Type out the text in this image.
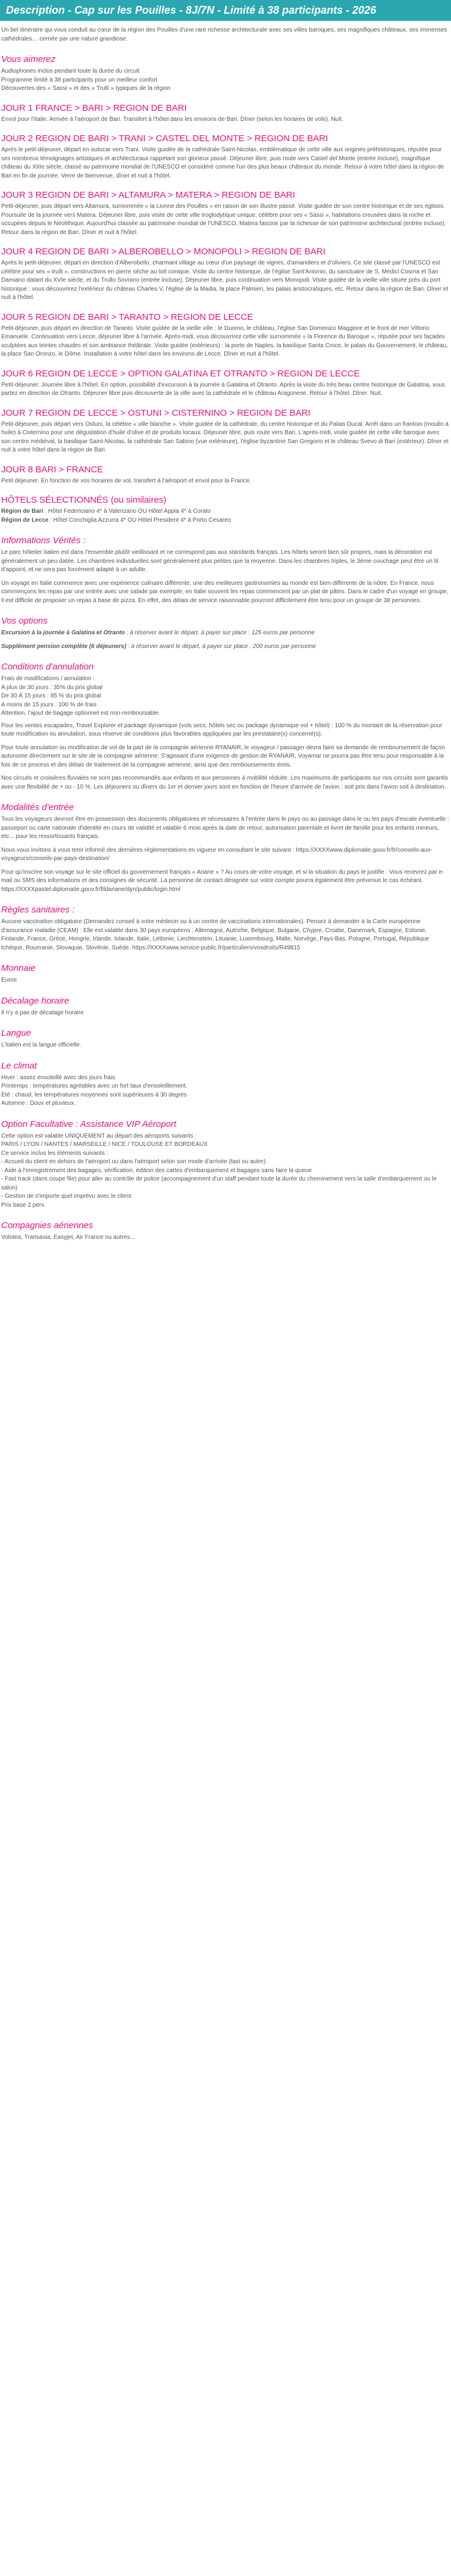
Description - Cap sur les Pouilles - 8J/7N - Limité à 38 participants - 2026

Un bel itinéraire qui vous conduit au cœur de la région des Pouilles d'une rare richesse architecturale avec ses villes baroques, ses magnifiques châteaux, ses immenses cathédrales… cernée par une nature grandiose.

Vous aimerez
Audiophones inclus pendant toute la durée du circuit
Programme limité à 38 participants pour un meilleur confort
Découvertes des « Sassi » et des « Trulli » typiques de la région
JOUR 1 FRANCE > BARI > REGION DE BARI

Envol pour l'Italie. Arrivée à l'aéroport de Bari. Transfert à l'hôtel dans les environs de Bari. Dîner (selon les horaires de vols). Nuit.

JOUR 2 REGION DE BARI > TRANI > CASTEL DEL MONTE > REGION DE BARI

Après le petit-déjeuner, départ en autocar vers Trani. Visite guidée de la cathédrale Saint-Nicolas, emblématique de cette ville aux origines préhistoriques, réputée pour ses nombreux témoignages artistiques et architecturaux rappelant son glorieux passé. Déjeuner libre, puis route vers Castel del Monte (entrée incluse), magnifique château du XIIIe siècle, classé au patrimoine mondial de l'UNESCO et considéré comme l'un des plus beaux châteaux du monde. Retour à votre hôtel dans la région de Bari en fin de journée. Verre de bienvenue, dîner et nuit à l'hôtel.

JOUR 3 REGION DE BARI > ALTAMURA > MATERA > REGION DE BARI

Petit-déjeuner, puis départ vers Altamura, surnommée « la Lionne des Pouilles » en raison de son illustre passé. Visite guidée de son centre historique et de ses églises. Poursuite de la journée vers Matera. Déjeuner libre, puis visite de cette ville troglodytique unique, célèbre pour ses « Sassi », habitations creusées dans la roche et occupées depuis le Néolithique. Aujourd'hui classée au patrimoine mondial de l'UNESCO, Matera fascine par la richesse de son patrimoine architectural (entrée incluse). Retour dans la région de Bari. Dîner et nuit à l'hôtel.

JOUR 4 REGION DE BARI > ALBEROBELLO > MONOPOLI > REGION DE BARI

Après le petit-déjeuner, départ en direction d'Alberobello, charmant village au cœur d'un paysage de vignes, d'amandiers et d'oliviers. Ce site classé par l'UNESCO est célèbre pour ses « trulli », constructions en pierre sèche au toit conique. Visite du centre historique, de l'église Sant'Antonio, du sanctuaire de S. Medici Cosma et San Damiano datant du XVIe siècle, et du Trullo Sovrano (entrée incluse). Déjeuner libre, puis continuation vers Monopoli. Visite guidée de la vieille ville située près du port historique : vous découvrirez l'extérieur du château Charles V, l'église de la Madia, la place Palmieri, les palais aristocratiques, etc. Retour dans la région de Bari. Dîner et nuit à l'hôtel.

JOUR 5 REGION DE BARI > TARANTO > REGION DE LECCE

Petit-déjeuner, puis départ en direction de Taranto. Visite guidée de la vieille ville : le Duomo, le château, l'église San Domenico Maggiore et le front de mer Vittorio Emanuele. Continuation vers Lecce, déjeuner libre à l'arrivée. Après-midi, vous découvrirez cette ville surnommée « la Florence du Baroque », réputée pour ses façades sculptées aux teintes chaudes et son ambiance théâtrale. Visite guidée (extérieurs) : la porte de Naples, la basilique Santa Croce, le palais du Gouvernement, le château, la place San Oronzo, le Dôme. Installation à votre hôtel dans les environs de Lecce. Dîner et nuit à l'hôtel.

JOUR 6 REGION DE LECCE > OPTION GALATINA ET OTRANTO > REGION DE LECCE

Petit-déjeuner. Journée libre à l'hôtel. En option, possibilité d'excursion à la journée à Galatina et Otranto. Après la visite du très beau centre historique de Galatina, vous partez en direction de Otranto. Déjeuner libre puis découverte de la ville avec la cathédrale et le château Aragonese. Retour à l'hôtel. Dîner. Nuit.

JOUR 7 REGION DE LECCE > OSTUNI > CISTERNINO > REGION DE BARI

Petit-déjeuner, puis départ vers Ostuni, la célèbre « ville blanche ». Visite guidée de la cathédrale, du centre historique et du Palais Ducal. Arrêt dans un frantoio (moulin à huile) à Cisternino pour une dégustation d'huile d'olive et de produits locaux. Déjeuner libre, puis route vers Bari. L'après-midi, visite guidée de cette ville baroque avec son centre médiéval, la basilique Saint-Nicolas, la cathédrale San Sabino (vue extérieure), l'église byzantine San Gregorio et le château Svevo di Bari (extérieur). Dîner et nuit à votre hôtel dans la région de Bari.

JOUR 8 BARI > FRANCE

Petit déjeuner. En fonction de vos horaires de vol, transfert à l'aéroport et envol pour la France.

HÔTELS SÉLECTIONNÉS (ou similaires)
Région de Bari : Hôtel Federiciano 4* à Valenzano OU Hôtel Appia 4* à Corato
Région de Lecce : Hôtel Conchiglia Azzurra 4* OU Hôtel President 4* à Porto Cesareo
Informations Vérités :

Le parc hôtelier italien est dans l'ensemble plutôt vieillissant et ne correspond pas aux standards français. Les hôtels seront bien sûr propres, mais la décoration est généralement un peu datée. Les chambres individuelles sont généralement plus petites que la moyenne. Dans les chambres triples, le 3ème couchage peut être un lit d'appoint, et ne sera pas forcément adapté à un adulte.

Un voyage en Italie commence avec une expérience culinaire différente, une des meilleures gastronomies au monde est bien différente de la nôtre. En France, nous commençons les repas par une entrée avec une salade par exemple, en Italie souvent les repas commencent par un plat de pâtes. Dans le cadre d'un voyage en groupe, il est difficile de proposer un repas à base de pizza. En effet, des délais de service raisonnable pourront difficilement être tenu pour un groupe de 38 personnes.

Vos options

Excursion à la journée à Galatina et Otranto : à réserver avant le départ, à payer sur place : 125 euros par personne

Supplément pension complète (6 déjeuners) : à réserver avant le départ, à payer sur place : 200 euros par personne

Conditions d'annulation
Frais de modifications / annulation :
A plus de 30 jours : 35% du prix global
De 30 À 15 jours : 85 % du prix global
A moins de 15 jours : 100 % de frais
Attention, l'ajout de bagage optionnel est non-remboursable.

Pour les ventes escapades, Travel Explorer et package dynamique (vols secs, hôtels sec ou package dynamique vol + hôtel) : 100 % du montant de la réservation pour toute modification ou annulation, sous réserve de conditions plus favorables appliquées par les prestataire(s) concerné(s).

Pour toute annulation ou modification de vol de la part de la compagnie aérienne RYANAIR, le voyageur / passager devra faire sa demande de remboursement de façon autonome directement sur le site de la compagnie aérienne. S'agissant d'une exigence de gestion de RYANAIR, Voyamar ne pourra pas être tenu pour responsable à la fois de ce process et des délais de traitement de la compagnie aérienne, ainsi que des remboursements émis.

Nos circuits et croisières fluviales ne sont pas recommandés aux enfants et aux personnes à mobilité réduite. Les maximums de participants sur nos circuits sont garantis avec une flexibilité de + ou - 10 %. Les déjeuners ou dîners du 1er et dernier jours sont en fonction de l'heure d'arrivée de l'avion : soit pris dans l'avion soit à destination.

Modalités d'entrée

Tous les voyageurs devront être en possession des documents obligatoires et nécessaires à l'entrée dans le pays ou au passage dans le ou les pays d'escale éventuelle : passeport ou carte nationale d'identité en cours de validité et valable 6 mois après la date de retour, autorisation parentale et livret de famille pour les enfants mineurs, etc... pour les ressortissants français.

Nous vous invitons à vous tenir informé des dernières réglementations en vigueur en consultant le site suivant : https://XXXXwww.diplomatie.gouv.fr/fr/conseils-aux-voyageurs/conseils-par-pays-destination/

Pour qu'inscrire son voyage sur le site officiel du gouvernement français « Ariane » ? Au cours de votre voyage, et si la situation du pays le justifie : Vous recevrez par e-mail ou SMS des informations et des consignes de sécurité. La personne de contact désignée sur votre compte pourra également être prévenue le cas échéant. https://XXXXpastel.diplomatie.gouv.fr/fildariane/dyn/public/login.html

Règles sanitaires :

Aucune vaccination obligatoire (Demandez conseil à votre médecin ou à un centre de vaccinations internationales). Pensez à demander à la Carte européenne d'assurance maladie (CEAM) : Elle est valable dans 30 pays européens : Allemagne, Autriche, Belgique, Bulgarie, Chypre, Croatie, Danemark, Espagne, Estonie, Finlande, France, Grèce, Hongrie, Irlande, Islande, Italie, Lettonie, Liechtenstein, Lituanie, Luxembourg, Malte, Norvège, Pays-Bas, Pologne, Portugal, République tchèque, Roumanie, Slovaquie, Slovénie, Suède. https://XXXXwww.service-public.fr/particuliers/vosdroits/R49815

Monnaie

Euros

Décalage horaire

Il n'y a pas de décalage horaire

Langue

L'italien est la langue officielle.

Le climat
Hiver : assez ensoleillé avec des jours frais.
Printemps : températures agréables avec un fort taux d'ensoleillement.
Été : chaud, les températures moyennes sont supérieures à 30 degrés
Automne : Doux et pluvieux.
Option Facultative : Assistance VIP Aéroport
Cette option est valable UNIQUEMENT au départ des aéroports suivants :
PARIS / LYON / NANTES / MARSEILLE / NICE / TOULOUSE ET BORDEAUX
Ce service inclus les éléments suivants :
- Accueil du client en dehors de l'aéroport ou dans l'aéroport selon son mode d'arrivée (taxi ou autre)
- Aide à l'enregistrement des bagages, vérification, édition des cartes d'embarquement et bagages sans faire la queue
- Fast track (dans coupe file) pour aller au contrôle de police (accompagnement d'un staff pendant toute la durée du cheminement vers la salle d'embarquement ou le salon)
- Gestion de n'importe quel imprévu avec le client
Prix base 2 pers
Compagnies aériennes

Volotea, Transavia, Easyjet, Air France ou autres...
